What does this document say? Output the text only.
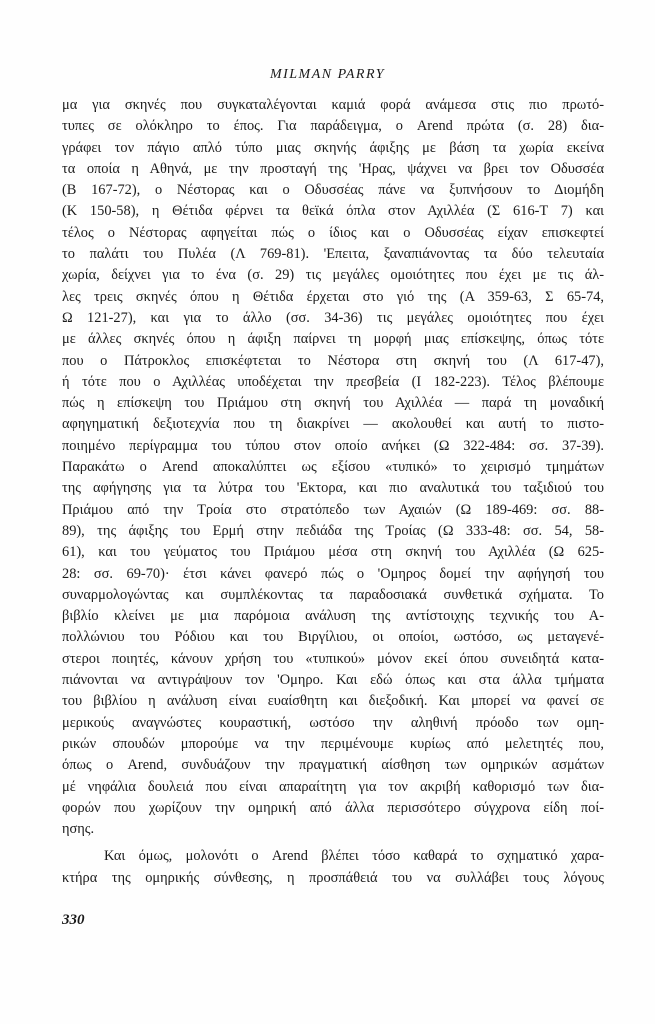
MILMAN PARRY
μα για σκηνές που συγκαταλέγονται καμιά φορά ανάμεσα στις πιο πρωτό-
τυπες σε ολόκληρο το έπος. Για παράδειγμα, ο Arend πρώτα (σ. 28) δια-
γράφει τον πάγιο απλό τύπο μιας σκηνής άφιξης με βάση τα χωρία εκείνα
τα οποία η Αθηνά, με την προσταγή της 'Ηρας, ψάχνει να βρει τον Οδυσσέα
(Β 167-72), ο Νέστορας και ο Οδυσσέας πάνε να ξυπνήσουν το Διομήδη
(Κ 150-58), η Θέτιδα φέρνει τα θεϊκά όπλα στον Αχιλλέα (Σ 616-Τ 7) και
τέλος ο Νέστορας αφηγείται πώς ο ίδιος και ο Οδυσσέας είχαν επισκεφτεί
το παλάτι του Πυλέα (Λ 769-81). 'Επειτα, ξαναπιάνοντας τα δύο τελευταία
χωρία, δείχνει για το ένα (σ. 29) τις μεγάλες ομοιότητες που έχει με τις άλ-
λες τρεις σκηνές όπου η Θέτιδα έρχεται στο γιό της (Α 359-63, Σ 65-74,
Ω 121-27), και για το άλλο (σσ. 34-36) τις μεγάλες ομοιότητες που έχει
με άλλες σκηνές όπου η άφιξη παίρνει τη μορφή μιας επίσκεψης, όπως τότε
που ο Πάτροκλος επισκέφτεται το Νέστορα στη σκηνή του (Λ 617-47),
ή τότε που ο Αχιλλέας υποδέχεται την πρεσβεία (Ι 182-223). Τέλος βλέπουμε
πώς η επίσκεψη του Πριάμου στη σκηνή του Αχιλλέα — παρά τη μοναδική
αφηγηματική δεξιοτεχνία που τη διακρίνει — ακολουθεί και αυτή το πιστο-
ποιημένο περίγραμμα του τύπου στον οποίο ανήκει (Ω 322-484: σσ. 37-39).
Παρακάτω ο Arend αποκαλύπτει ως εξίσου «τυπικό» το χειρισμό τμημάτων
της αφήγησης για τα λύτρα του 'Εκτορα, και πιο αναλυτικά του ταξιδιού του
Πριάμου από την Τροία στο στρατόπεδο των Αχαιών (Ω 189-469: σσ. 88-
89), της άφιξης του Ερμή στην πεδιάδα της Τροίας (Ω 333-48: σσ. 54, 58-
61), και του γεύματος του Πριάμου μέσα στη σκηνή του Αχιλλέα (Ω 625-
28: σσ. 69-70)· έτσι κάνει φανερό πώς ο 'Ομηρος δομεί την αφήγησή του
συναρμολογώντας και συμπλέκοντας τα παραδοσιακά συνθετικά σχήματα. Το
βιβλίο κλείνει με μια παρόμοια ανάλυση της αντίστοιχης τεχνικής του Α-
πολλώνιου του Ρόδιου και του Βιργίλιου, οι οποίοι, ωστόσο, ως μεταγενέ-
στεροι ποιητές, κάνουν χρήση του «τυπικού» μόνον εκεί όπου συνειδητά κατα-
πιάνονται να αντιγράψουν τον 'Ομηρο. Και εδώ όπως και στα άλλα τμήματα
του βιβλίου η ανάλυση είναι ευαίσθητη και διεξοδική. Και μπορεί να φανεί σε
μερικούς αναγνώστες κουραστική, ωστόσο την αληθινή πρόοδο των ομη-
ρικών σπουδών μπορούμε να την περιμένουμε κυρίως από μελετητές που,
όπως ο Arend, συνδυάζουν την πραγματική αίσθηση των ομηρικών ασμάτων
μέ νηφάλια δουλειά που είναι απαραίτητη για τον ακριβή καθορισμό των δια-
φορών που χωρίζουν την ομηρική από άλλα περισσότερο σύγχρονα είδη ποί-
ησης.
Και όμως, μολονότι ο Arend βλέπει τόσο καθαρά το σχηματικό χαρα-
κτήρα της ομηρικής σύνθεσης, η προσπάθειά του να συλλάβει τους λόγους
330
